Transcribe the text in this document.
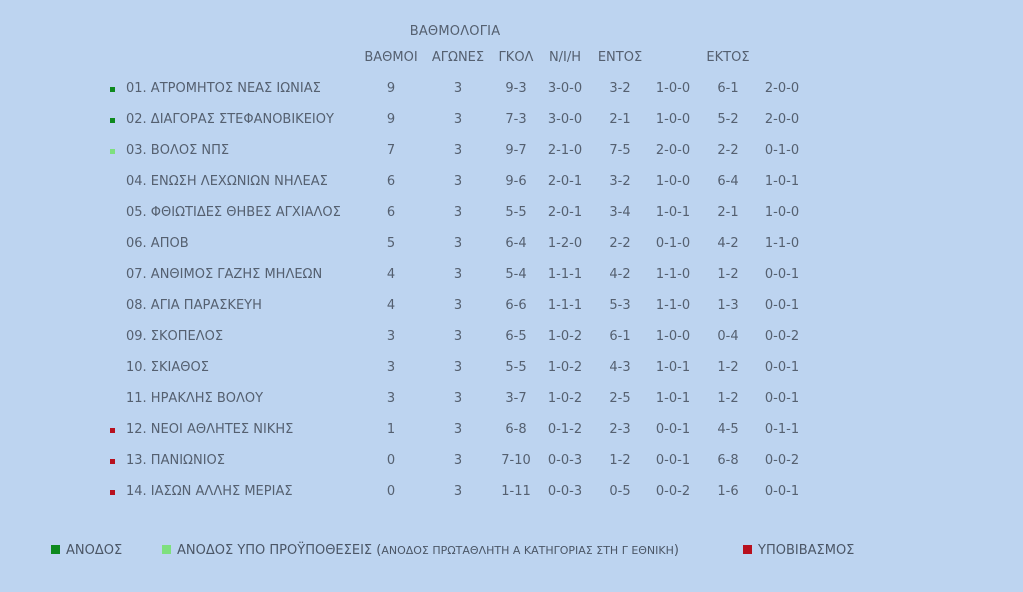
ΒΑΘΜΟΛΟΓΙΑ
ΒΑΘΜΟΙ	ΑΓΩΝΕΣ	ΓΚΟΛ	Ν/Ι/Η	ΕΝΤΟΣ	ΕΚΤΟΣ
01. ΑΤΡΟΜΗΤΟΣ ΝΕΑΣ ΙΩΝΙΑΣ	9	3	9-3	3-0-0	3-2	1-0-0	6-1	2-0-0
02. ΔΙΑΓΟΡΑΣ ΣΤΕΦΑΝΟΒΙΚΕΙΟΥ	9	3	7-3	3-0-0	2-1	1-0-0	5-2	2-0-0
03. ΒΟΛΟΣ ΝΠΣ	7	3	9-7	2-1-0	7-5	2-0-0	2-2	0-1-0
04. ΕΝΩΣΗ ΛΕΧΩΝΙΩΝ ΝΗΛΕΑΣ	6	3	9-6	2-0-1	3-2	1-0-0	6-4	1-0-1
05. ΦΘΙΩΤΙΔΕΣ ΘΗΒΕΣ ΑΓΧΙΑΛΟΣ	6	3	5-5	2-0-1	3-4	1-0-1	2-1	1-0-0
06. ΑΠΟΒ	5	3	6-4	1-2-0	2-2	0-1-0	4-2	1-1-0
07. ΑΝΘΙΜΟΣ ΓΑΖΗΣ ΜΗΛΕΩΝ	4	3	5-4	1-1-1	4-2	1-1-0	1-2	0-0-1
08. ΑΓΙΑ ΠΑΡΑΣΚΕΥΗ	4	3	6-6	1-1-1	5-3	1-1-0	1-3	0-0-1
09. ΣΚΟΠΕΛΟΣ	3	3	6-5	1-0-2	6-1	1-0-0	0-4	0-0-2
10. ΣΚΙΑΘΟΣ	3	3	5-5	1-0-2	4-3	1-0-1	1-2	0-0-1
11. ΗΡΑΚΛΗΣ ΒΟΛΟΥ	3	3	3-7	1-0-2	2-5	1-0-1	1-2	0-0-1
12. ΝΕΟΙ ΑΘΛΗΤΕΣ ΝΙΚΗΣ	1	3	6-8	0-1-2	2-3	0-0-1	4-5	0-1-1
13. ΠΑΝΙΩΝΙΟΣ	0	3	7-10	0-0-3	1-2	0-0-1	6-8	0-0-2
14. ΙΑΣΩΝ ΑΛΛΗΣ ΜΕΡΙΑΣ	0	3	1-11	0-0-3	0-5	0-0-2	1-6	0-0-1
ΑΝΟΔΟΣ	ΑΝΟΔΟΣ ΥΠΟ ΠΡΟΫΠΟΘΕΣΕΙΣ (ΑΝΟΔΟΣ ΠΡΩΤΑΘΛΗΤΗ Α ΚΑΤΗΓΟΡΙΑΣ ΣΤΗ Γ ΕΘΝΙΚΗ)	ΥΠΟΒΙΒΑΣΜΟΣ
